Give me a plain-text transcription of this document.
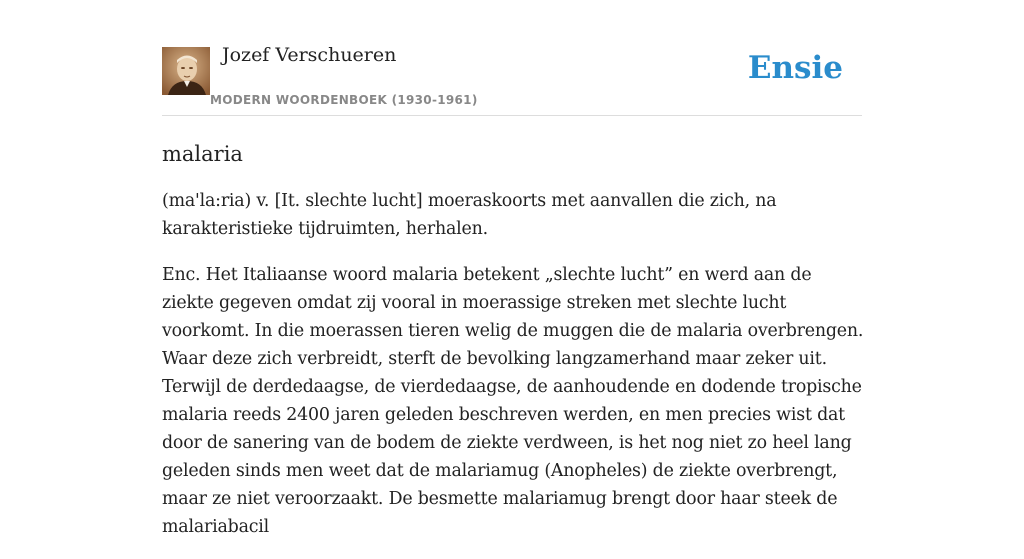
Jozef Verschueren
MODERN WOORDENBOEK (1930-1961)
Ensie
malaria

(ma'la:ria) v. [It. slechte lucht] moeraskoorts met aanvallen die zich, na karakteristieke tijdruimten, herhalen.

Enc. Het Italiaanse woord malaria betekent „slechte lucht” en werd aan de ziekte gegeven omdat zij vooral in moerassige streken met slechte lucht voorkomt. In die moerassen tieren welig de muggen die de malaria overbrengen. Waar deze zich verbreidt, sterft de bevolking langzamerhand maar zeker uit. Terwijl de derdedaagse, de vierdedaagse, de aanhoudende en dodende tropische malaria reeds 2400 jaren geleden beschreven werden, en men precies wist dat door de sanering van de bodem de ziekte verdween, is het nog niet zo heel lang geleden sinds men weet dat de malariamug (Anopheles) de ziekte overbrengt, maar ze niet veroorzaakt. De besmette malariamug brengt door haar steek de malariabacil
